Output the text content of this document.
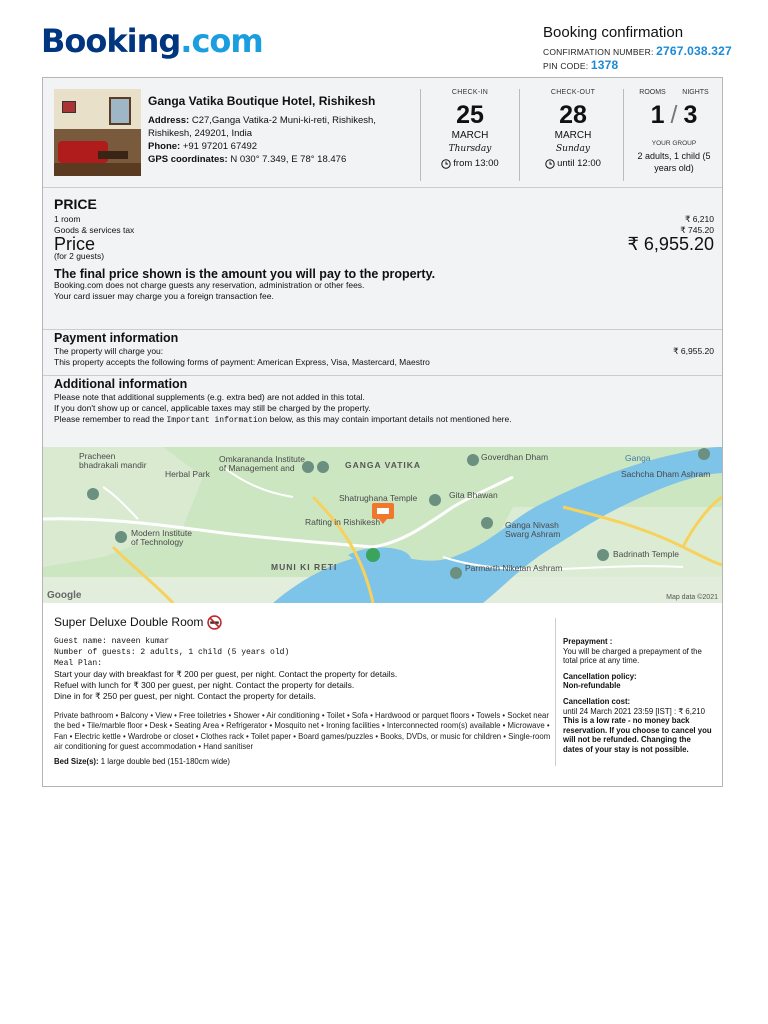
Booking.com	Booking confirmation
CONFIRMATION NUMBER: 2767.038.327
PIN CODE: 1378
Ganga Vatika Boutique Hotel, Rishikesh
Address: C27,Ganga Vatika-2 Muni-ki-reti, Rishikesh, Rishikesh, 249201, India
Phone: +91 97201 67492
GPS coordinates: N 030° 7.349, E 78° 18.476
CHECK-IN
25
MARCH
Thursday
from 13:00
CHECK-OUT
28
MARCH
Sunday
until 12:00
ROOMS NIGHTS
1 / 3
YOUR GROUP
2 adults, 1 child (5 years old)
PRICE
1 room	₹ 6,210
Goods & services tax	₹ 745.20
Price	₹ 6,955.20
(for 2 guests)
The final price shown is the amount you will pay to the property.
Booking.com does not charge guests any reservation, administration or other fees.
Your card issuer may charge you a foreign transaction fee.
Payment information
The property will charge you:	₹ 6,955.20
This property accepts the following forms of payment: American Express, Visa, Mastercard, Maestro
Additional information
Please note that additional supplements (e.g. extra bed) are not added in this total.
If you don't show up or cancel, applicable taxes may still be charged by the property.
Please remember to read the Important information below, as this may contain important details not mentioned here.
Pracheen
bhadrakali mandir
Herbal Park
Omkarananda Institute
of Management and	GANGA VATIKA
Goverdhan Dham	Ganga
Sachcha Dham Ashram
Shatrughana Temple	Gita Bhawan
Modern Institute
of Technology
Rafting in Rishikesh	Ganga Nivash
Swarg Ashram
Badrinath Temple
MUNI KI RETI	Parmarth Niketan Ashram
Google	Map data ©2021
Super Deluxe Double Room
Guest name: naveen kumar
Number of guests: 2 adults, 1 child (5 years old)
Meal Plan:
Start your day with breakfast for ₹ 200 per guest, per night. Contact the property for details.
Refuel with lunch for ₹ 300 per guest, per night. Contact the property for details.
Dine in for ₹ 250 per guest, per night. Contact the property for details.
Private bathroom • Balcony • View • Free toiletries • Shower • Air conditioning • Toilet • Sofa • Hardwood or parquet floors • Towels • Socket near the bed • Tile/marble floor • Desk • Seating Area • Refrigerator • Mosquito net • Ironing facilities • Interconnected room(s) available • Microwave • Fan • Electric kettle • Wardrobe or closet • Clothes rack • Toilet paper • Board games/puzzles • Books, DVDs, or music for children • Single-room air conditioning for guest accommodation • Hand sanitiser
Bed Size(s): 1 large double bed (151-180cm wide)
Prepayment :
You will be charged a prepayment of the total price at any time.
Cancellation policy:
Non-refundable
Cancellation cost:
until 24 March 2021 23:59 [IST] : ₹ 6,210
This is a low rate - no money back reservation. If you choose to cancel you will not be refunded. Changing the dates of your stay is not possible.
